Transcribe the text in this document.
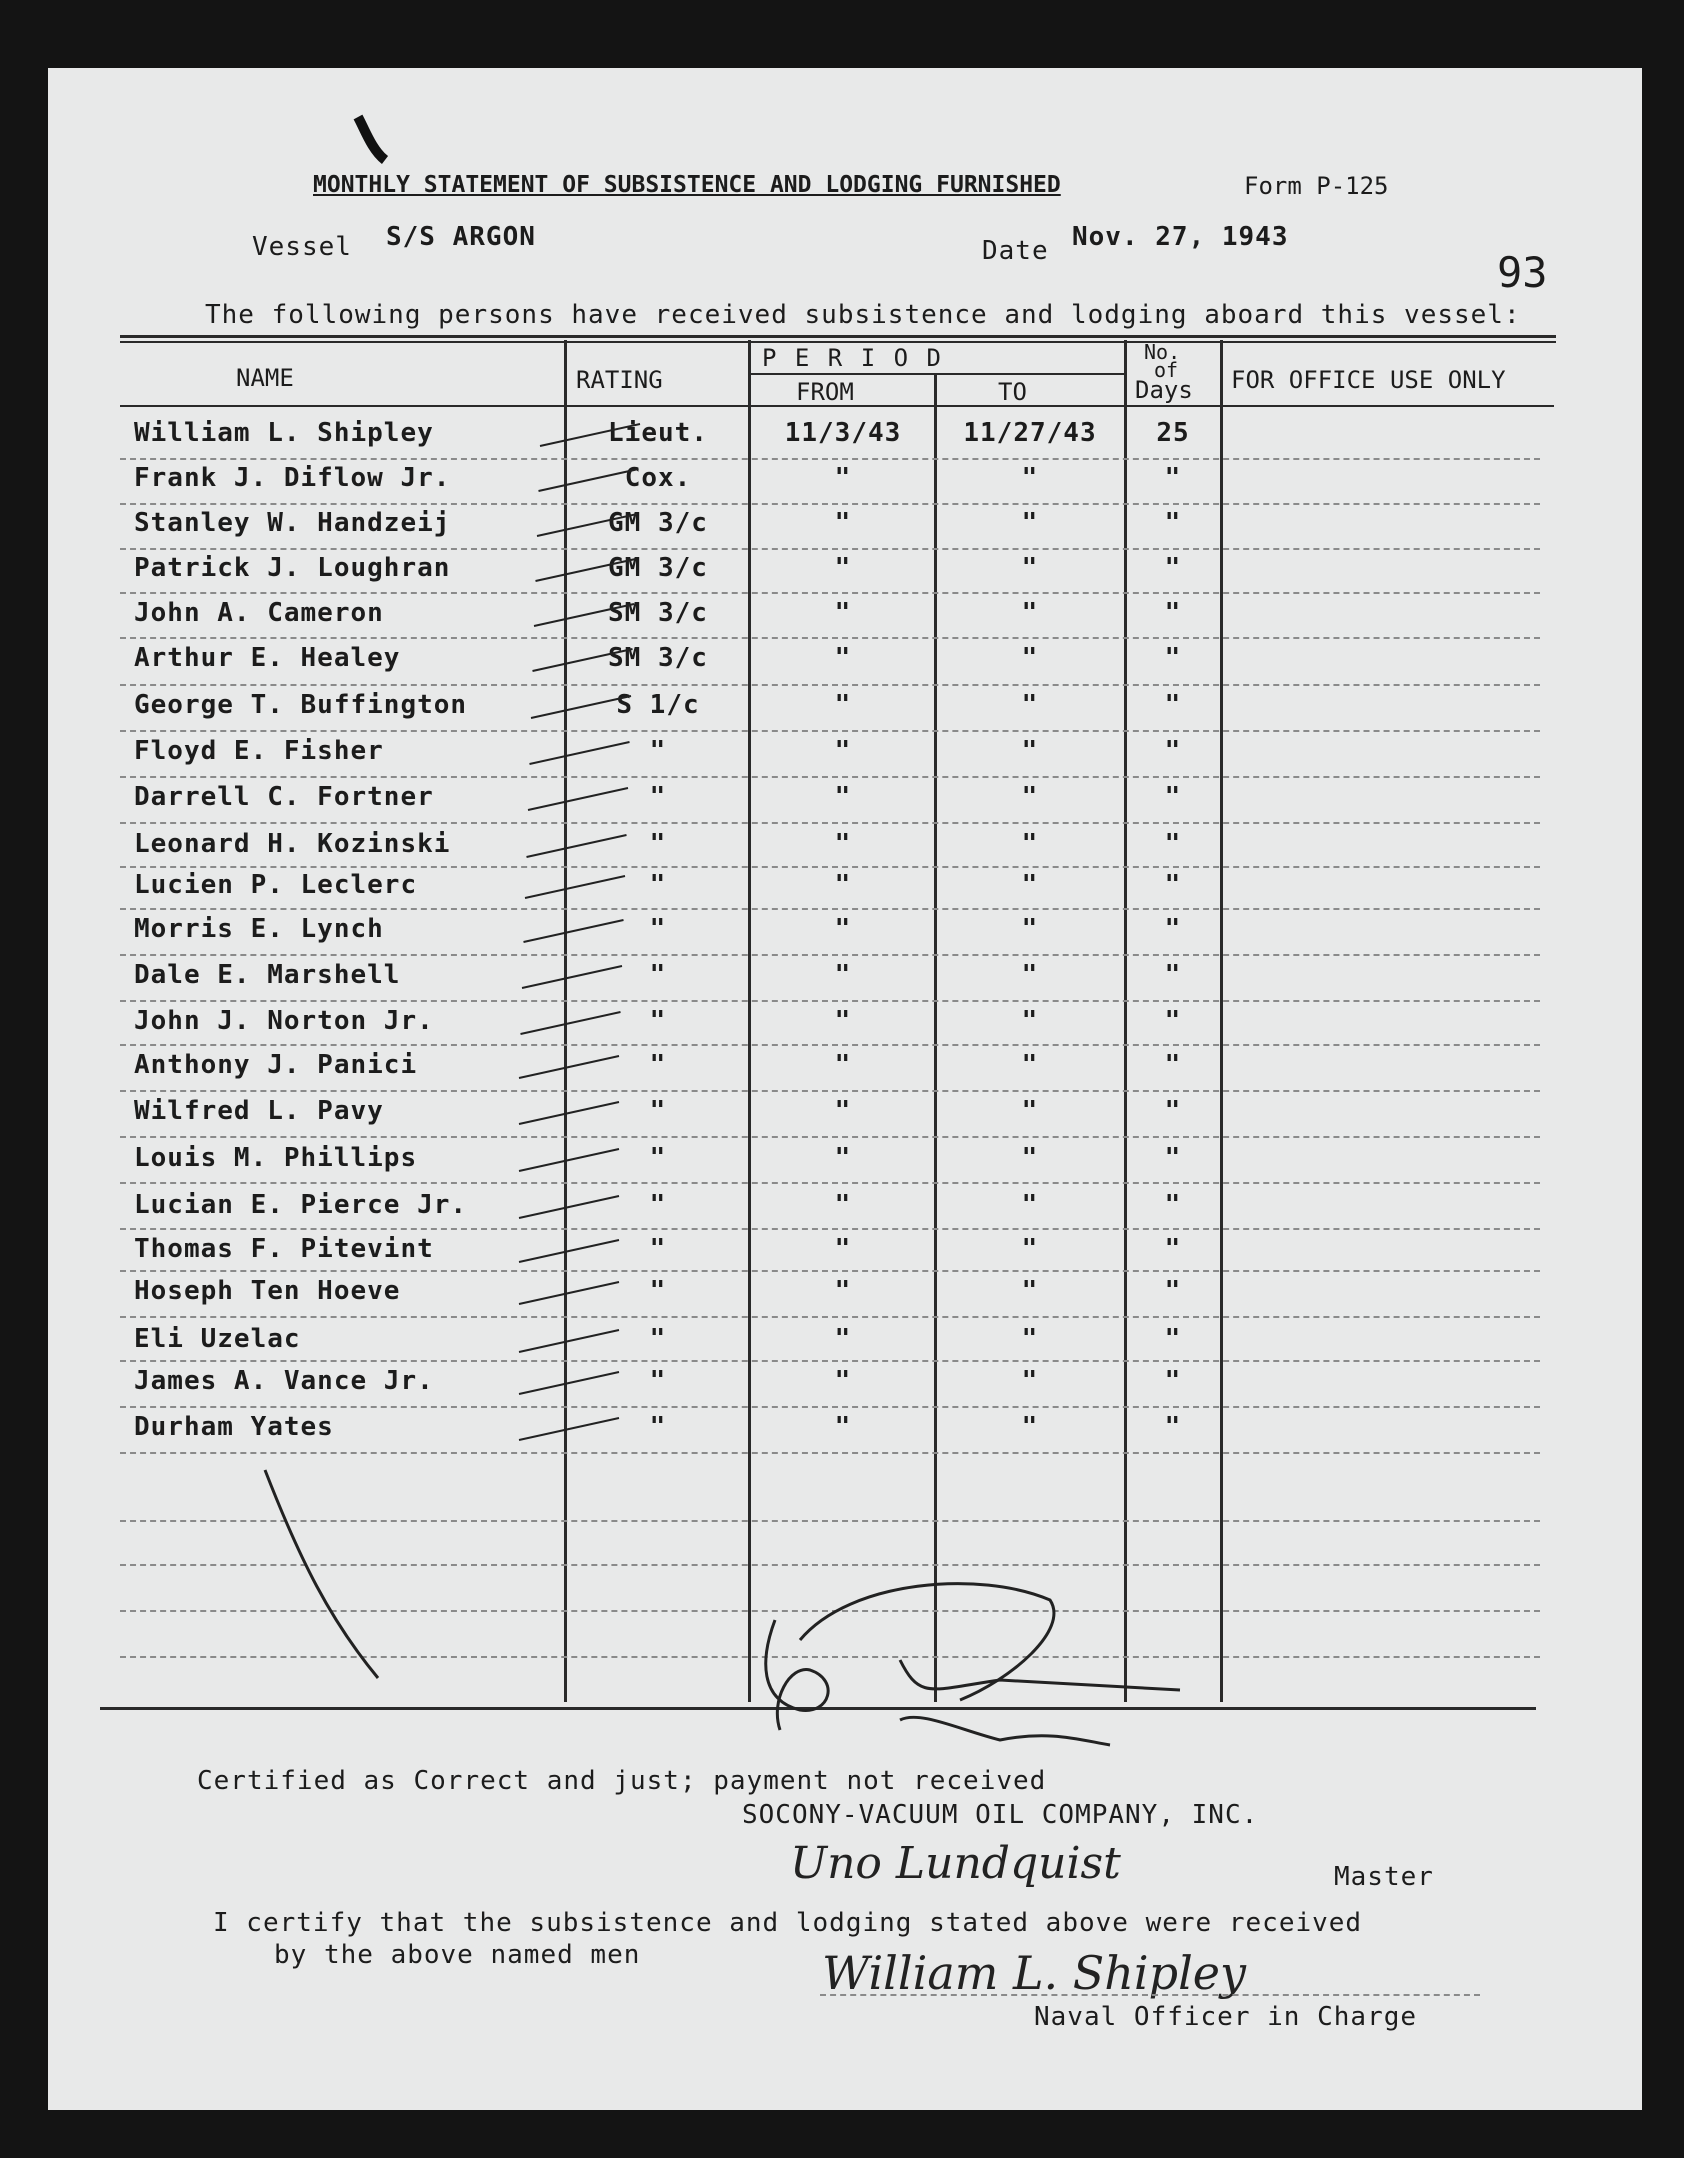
MONTHLY STATEMENT OF SUBSISTENCE AND LODGING FURNISHED	Form P-125
Vessel S/S ARGON	Date Nov. 27, 1943
93
The following persons have received subsistence and lodging aboard this vessel:
NAME	RATING
P E R I O D
FROM	TO
No.
of
Days FOR OFFICE USE ONLY
William L. Shipley	Lieut.	11/3/43	11/27/43	25
Frank J. Diflow Jr.	Cox.	"	"	"
Stanley W. Handzeij	GM 3/c	"	"	"
Patrick J. Loughran	GM 3/c	"	"	"
John A. Cameron	SM 3/c	"	"	"
Arthur E. Healey	SM 3/c	"	"	"
George T. Buffington	S 1/c	"	"	"
Floyd E. Fisher	"	"	"	"
Darrell C. Fortner	"	"	"	"
Leonard H. Kozinski	"	"	"	"
Lucien P. Leclerc	"	"	"	"
Morris E. Lynch	"	"	"	"
Dale E. Marshell	"	"	"	"
John J. Norton Jr.	"	"	"	"
Anthony J. Panici	"	"	"	"
Wilfred L. Pavy	"	"	"	"
Louis M. Phillips	"	"	"	"
Lucian E. Pierce Jr.	"	"	"	"
Thomas F. Pitevint	"	"	"	"
Hoseph Ten Hoeve	"	"	"	"
Eli Uzelac	"	"	"	"
James A. Vance Jr.	"	"	"	"
Durham Yates	"	"	"	"
Certified as Correct and just; payment not received
SOCONY-VACUUM OIL COMPANY, INC.
Uno Lundquist	Master
I certify that the subsistence and lodging stated above were received
by the above named men	William L. Shipley
Naval Officer in Charge
